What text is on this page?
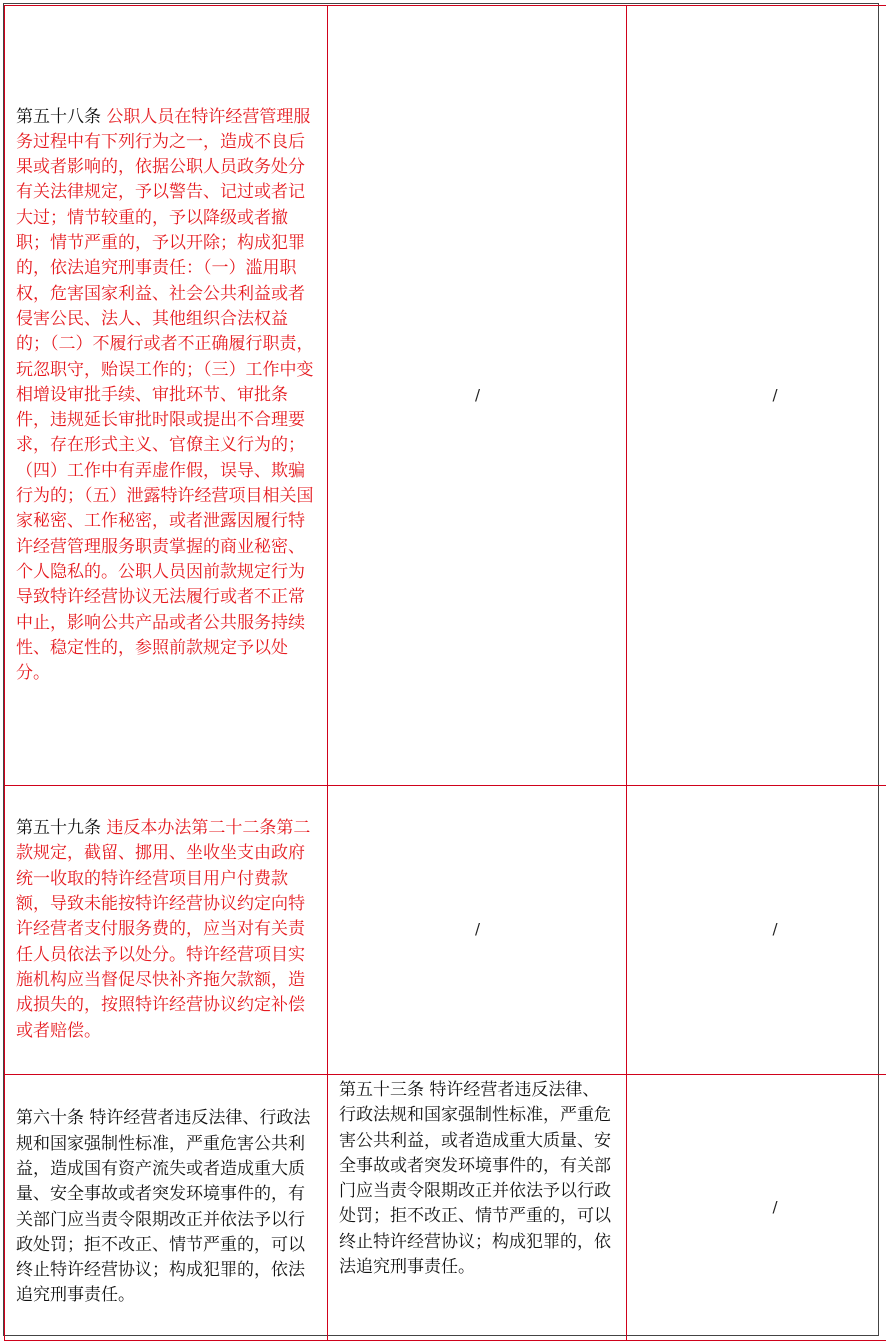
第五十八条 公职人员在特许经营管理服务过程中有下列行为之一，造成不良后果或者影响的，依据公职人员政务处分有关法律规定，予以警告、记过或者记大过；情节较重的，予以降级或者撤职；情节严重的，予以开除；构成犯罪的，依法追究刑事责任：（一）滥用职权，危害国家利益、社会公共利益或者侵害公民、法人、其他组织合法权益的；（二）不履行或者不正确履行职责，玩忽职守，贻误工作的；（三）工作中变相增设审批手续、审批环节、审批条件，违规延长审批时限或提出不合理要求，存在形式主义、官僚主义行为的；（四）工作中有弄虚作假，误导、欺骗行为的；（五）泄露特许经营项目相关国家秘密、工作秘密，或者泄露因履行特许经营管理服务职责掌握的商业秘密、个人隐私的。公职人员因前款规定行为导致特许经营协议无法履行或者不正常中止，影响公共产品或者公共服务持续性、稳定性的，参照前款规定予以处分。	/	/

第五十九条 违反本办法第二十二条第二款规定，截留、挪用、坐收坐支由政府统一收取的特许经营项目用户付费款额，导致未能按特许经营协议约定向特许经营者支付服务费的，应当对有关责任人员依法予以处分。特许经营项目实施机构应当督促尽快补齐拖欠款额，造成损失的，按照特许经营协议约定补偿或者赔偿。	/	/

第六十条 特许经营者违反法律、行政法规和国家强制性标准，严重危害公共利益，造成国有资产流失或者造成重大质量、安全事故或者突发环境事件的，有关部门应当责令限期改正并依法予以行政处罚；拒不改正、情节严重的，可以终止特许经营协议；构成犯罪的，依法追究刑事责任。	第五十三条 特许经营者违反法律、行政法规和国家强制性标准，严重危害公共利益，或者造成重大质量、安全事故或者突发环境事件的，有关部门应当责令限期改正并依法予以行政处罚；拒不改正、情节严重的，可以终止特许经营协议；构成犯罪的，依法追究刑事责任。	/
